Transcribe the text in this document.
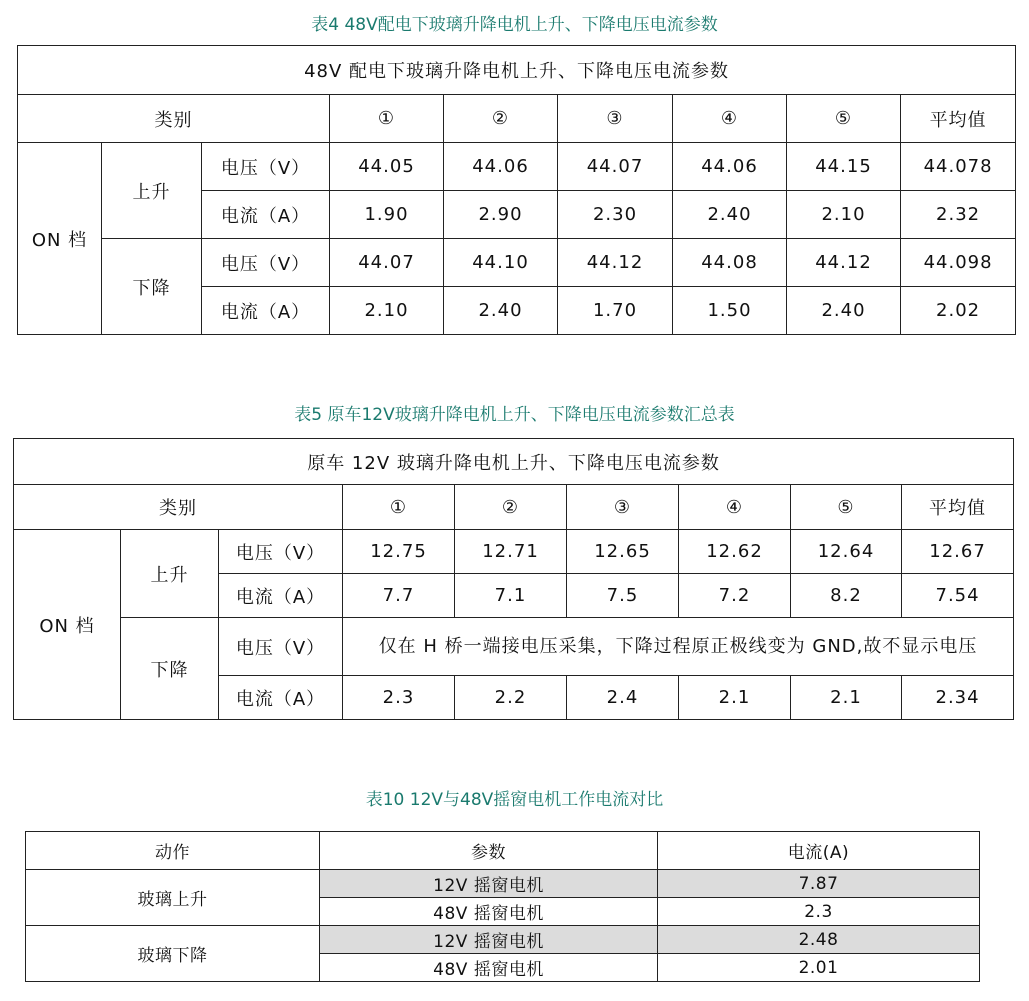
表4 48V配电下玻璃升降电机上升、下降电压电流参数
48V 配电下玻璃升降电机上升、下降电压电流参数								
类别			①	②	③	④	⑤	平均值
ON 档	上升	电压（V）	44.05	44.06	44.07	44.06	44.15	44.078
		电流（A）	1.90	2.90	2.30	2.40	2.10	2.32
	下降	电压（V）	44.07	44.10	44.12	44.08	44.12	44.098
		电流（A）	2.10	2.40	1.70	1.50	2.40	2.02
表5 原车12V玻璃升降电机上升、下降电压电流参数汇总表
原车 12V 玻璃升降电机上升、下降电压电流参数								
类别			①	②	③	④	⑤	平均值
ON 档	上升	电压（V）	12.75	12.71	12.65	12.62	12.64	12.67
		电流（A）	7.7	7.1	7.5	7.2	8.2	7.54
	下降	电压（V）	仅在 H 桥一端接电压采集，下降过程原正极线变为 GND,故不显示电压					
		电流（A）	2.3	2.2	2.4	2.1	2.1	2.34
表10 12V与48V摇窗电机工作电流对比
动作	参数	电流(A)
玻璃上升	12V 摇窗电机	7.87
	48V 摇窗电机	2.3
玻璃下降	12V 摇窗电机	2.48
	48V 摇窗电机	2.01
